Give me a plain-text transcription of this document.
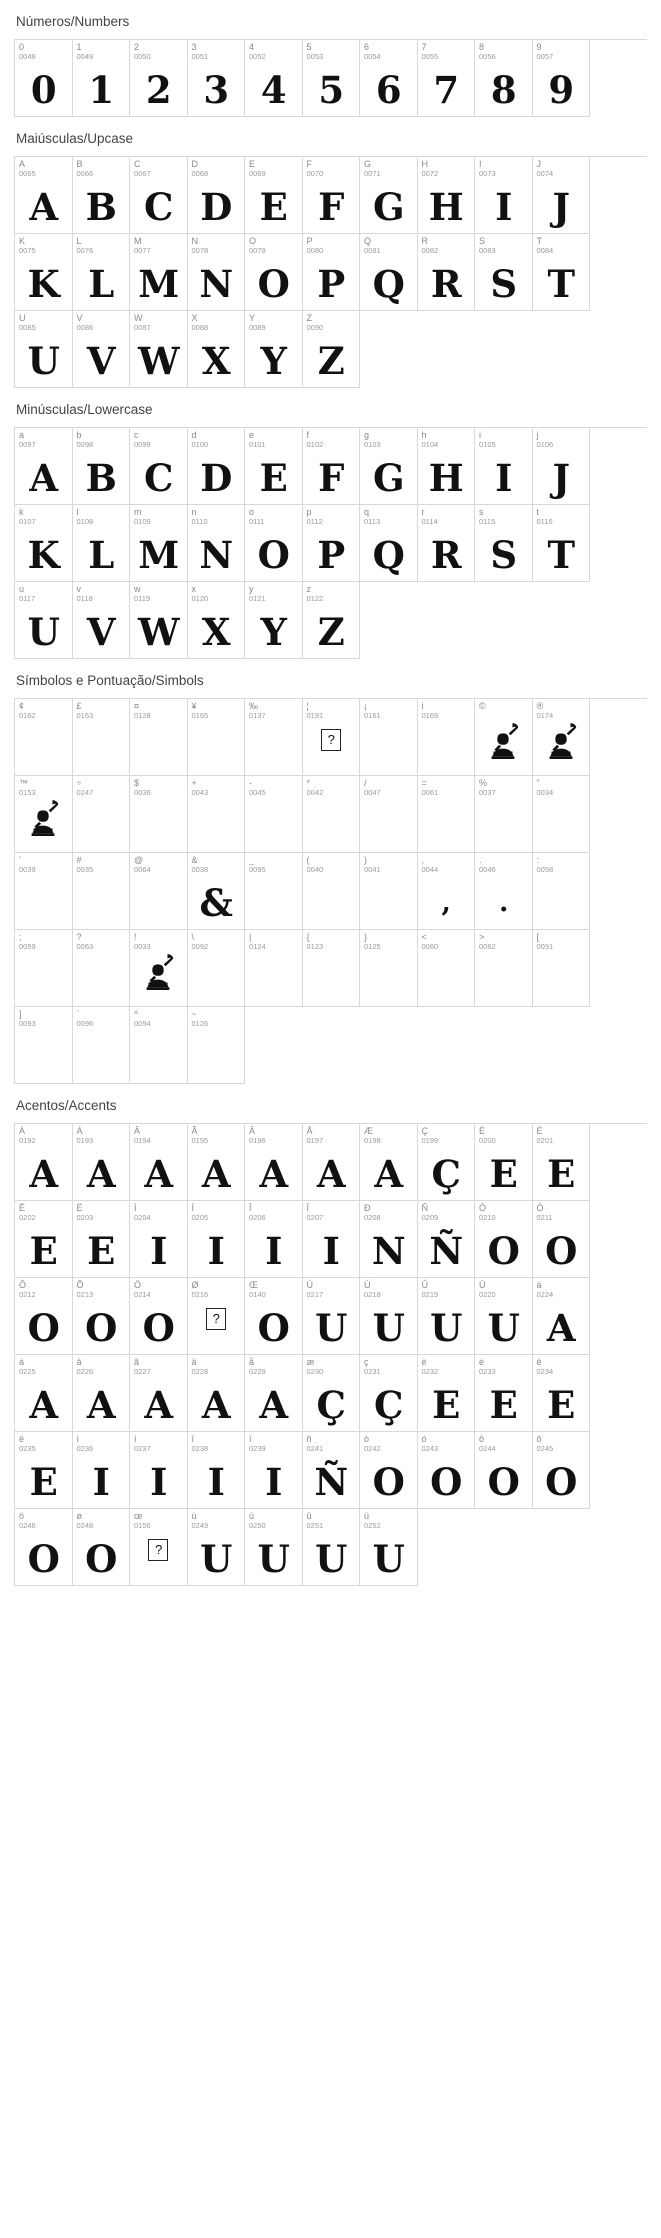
Números/Numbers
0
0048
0
1
0049
1
2
0050
2
3
0051
3
4
0052
4
5
0053
5
6
0054
6
7
0055
7
8
0056
8
9
0057
9
Maiúsculas/Upcase
A
0065
A
B
0066
B
C
0067
C
D
0068
D
E
0069
E
F
0070
F
G
0071
G
H
0072
H
I
0073
I
J
0074
J
K
0075
K
L
0076
L
M
0077
M
N
0078
N
O
0079
O
P
0080
P
Q
0081
Q
R
0082
R
S
0083
S
T
0084
T
U
0085
U
V
0086
V
W
0087
W
X
0088
X
Y
0089
Y
Z
0090
Z
Minúsculas/Lowercase
a
0097
A
b
0098
B
c
0099
C
d
0100
D
e
0101
E
f
0102
F
g
0103
G
h
0104
H
i
0105
I
j
0106
J
k
0107
K
l
0108
L
m
0109
M
n
0110
N
o
0111
O
p
0112
P
q
0113
Q
r
0114
R
s
0115
S
t
0116
T
u
0117
U
v
0118
V
w
0119
W
x
0120
X
y
0121
Y
z
0122
Z
Símbolos e Pontuação/Simbols
¢
0162
£
0163
¤
0128
¥
0165
‰
0137
¦
0191
?
¡
0161
i
0169
©	®
0174
™
0153
÷
0247
$
0036
+
0043
-
0045
*
0042
/
0047
=
0061
%
0037
"
0034
'
0039
#
0035
@
0064
&
0038
&
_
0095
(
0040
)
0041
,
0044
,
.
0046
.
:
0058
;
0059
?
0063
!
0033
\
0092
|
0124
{
0123
}
0125
<
0060
>
0062
[
0091
]
0093
`
0096
^
0094
~
0126
Acentos/Accents
À
0192
A
Á
0193
A
Â
0194
A
Ã
0195
A
Ä
0196
A
Å
0197
A
Æ
0198
A
Ç
0199
Ç
È
0200
E
É
0201
E
Ê
0202
E
Ë
0203
E
Ì
0204
I
Í
0205
I
Î
0206
I
Ï
0207
I
Ð
0208
N
Ñ
0209
Ñ
Ò
0210
O
Ó
0211
O
Ô
0212
O
Õ
0213
O
Ö
0214
O
Ø
0216
?
Œ
0140
O
Ù
0217
U
Ú
0218
U
Û
0219
U
Ü
0220
U
à
0224
A
á
0225
A
â
0226
A
ã
0227
A
ä
0228
A
å
0229
A
æ
0230
Ç
ç
0231
Ç
è
0232
E
é
0233
E
ê
0234
E
ë
0235
E
ì
0236
I
í
0237
I
î
0238
I
ï
0239
I
ñ
0241
Ñ
ò
0242
O
ó
0243
O
ô
0244
O
õ
0245
O
ö
0246
O
ø
0248
O
œ
0156
?
ù
0249
U
ú
0250
U
û
0251
U
ü
0252
U
